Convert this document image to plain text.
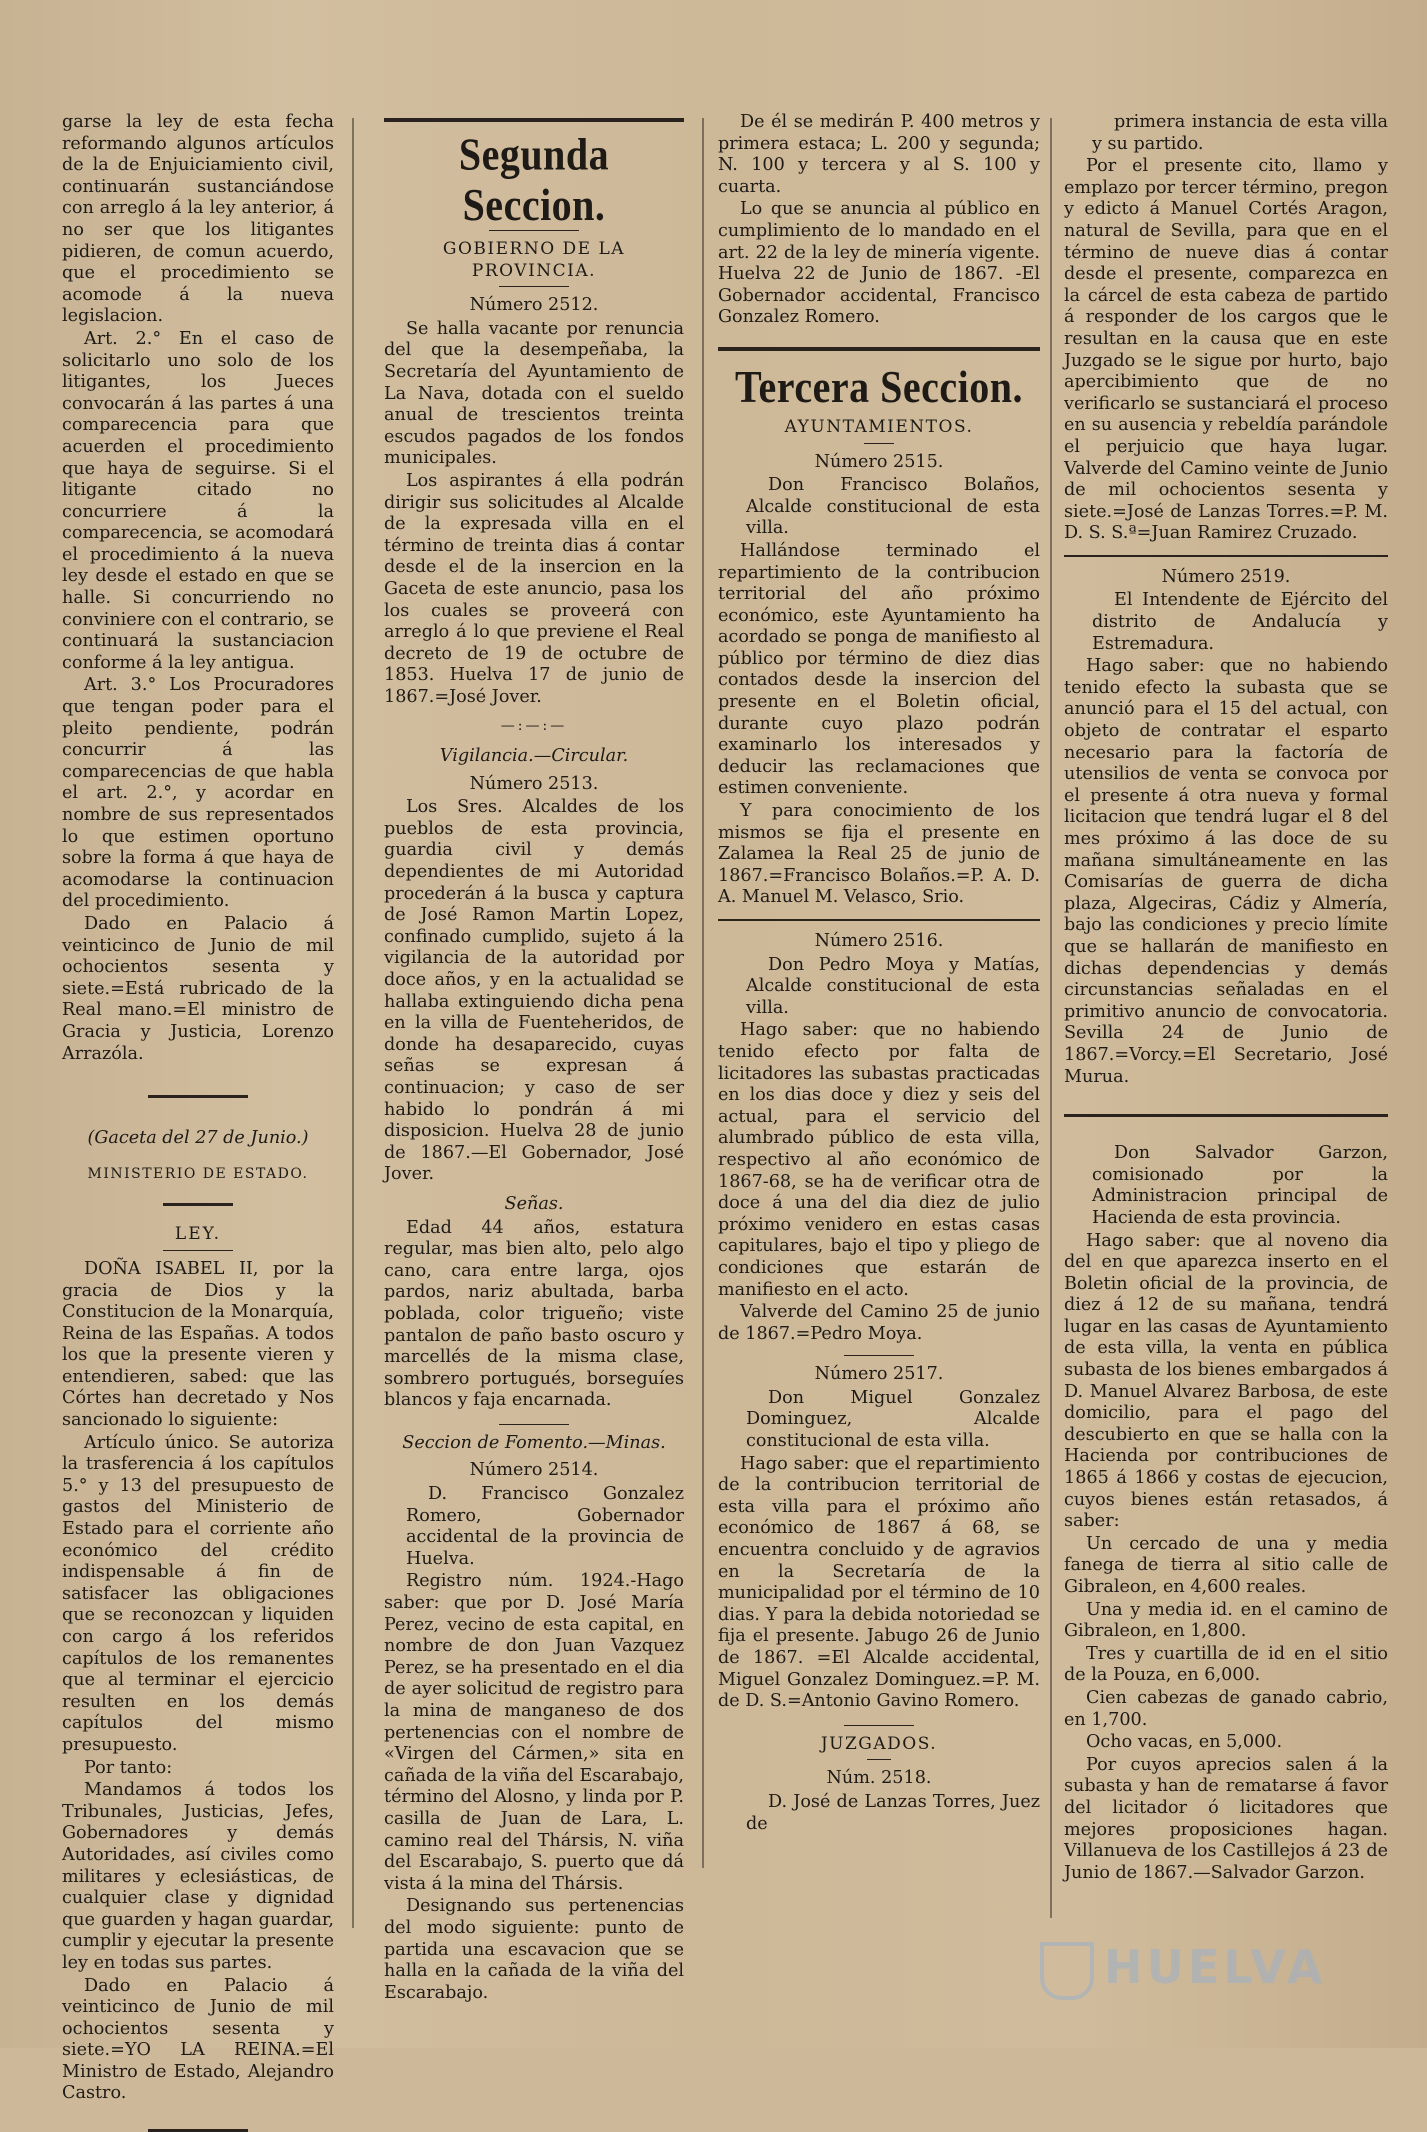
garse la ley de esta fecha reformando algunos artículos de la de Enjuiciamiento civil, continuarán sustanciándose con arreglo á la ley anterior, á no ser que los litigantes pidieren, de comun acuerdo, que el procedimiento se acomode á la nueva legislacion.

Art. 2.° En el caso de solicitarlo uno solo de los litigantes, los Jueces convocarán á las partes á una comparecencia para que acuerden el procedimiento que haya de seguirse. Si el litigante citado no concurriere á la comparecencia, se acomodará el procedimiento á la nueva ley desde el estado en que se halle. Si concurriendo no conviniere con el contrario, se continuará la sustanciacion conforme á la ley antigua.

Art. 3.° Los Procuradores que tengan poder para el pleito pendiente, podrán concurrir á las comparecencias de que habla el art. 2.°, y acordar en nombre de sus representados lo que estimen oportuno sobre la forma á que haya de acomodarse la continuacion del procedimiento.

Dado en Palacio á veinticinco de Junio de mil ochocientos sesenta y siete.=Está rubricado de la Real mano.=El ministro de Gracia y Justicia, Lorenzo Arrazóla.

(Gaceta del 27 de Junio.)
MINISTERIO DE ESTADO.
LEY.

DOÑA ISABEL II, por la gracia de Dios y la Constitucion de la Monarquía, Reina de las Españas. A todos los que la presente vieren y entendieren, sabed: que las Córtes han decretado y Nos sancionado lo siguiente:

Artículo único. Se autoriza la trasferencia á los capítulos 5.° y 13 del presupuesto de gastos del Ministerio de Estado para el corriente año económico del crédito indispensable á fin de satisfacer las obligaciones que se reconozcan y liquiden con cargo á los referidos capítulos de los remanentes que al terminar el ejercicio resulten en los demás capítulos del mismo presupuesto.

Por tanto:

Mandamos á todos los Tribunales, Justicias, Jefes, Gobernadores y demás Autoridades, así civiles como militares y eclesiásticas, de cualquier clase y dignidad que guarden y hagan guardar, cumplir y ejecutar la presente ley en todas sus partes.

Dado en Palacio á veinticinco de Junio de mil ochocientos sesenta y siete.=YO LA REINA.=El Ministro de Estado, Alejandro Castro.

Segunda Seccion.
GOBIERNO DE LA PROVINCIA.
Número 2512.

Se halla vacante por renuncia del que la desempeñaba, la Secretaría del Ayuntamiento de La Nava, dotada con el sueldo anual de trescientos treinta escudos pagados de los fondos municipales.

Los aspirantes á ella podrán dirigir sus solicitudes al Alcalde de la expresada villa en el término de treinta dias á contar desde el de la insercion en la Gaceta de este anuncio, pasa los los cuales se proveerá con arreglo á lo que previene el Real decreto de 19 de octubre de 1853. Huelva 17 de junio de 1867.=José Jover.

—:—:—
Vigilancia.—Circular.
Número 2513.

Los Sres. Alcaldes de los pueblos de esta provincia, guardia civil y demás dependientes de mi Autoridad procederán á la busca y captura de José Ramon Martin Lopez, confinado cumplido, sujeto á la vigilancia de la autoridad por doce años, y en la actualidad se hallaba extinguiendo dicha pena en la villa de Fuenteheridos, de donde ha desaparecido, cuyas señas se expresan á continuacion; y caso de ser habido lo pondrán á mi disposicion. Huelva 28 de junio de 1867.—El Gobernador, José Jover.

Señas.

Edad 44 años, estatura regular, mas bien alto, pelo algo cano, cara entre larga, ojos pardos, nariz abultada, barba poblada, color trigueño; viste pantalon de paño basto oscuro y marcellés de la misma clase, sombrero portugués, borseguíes blancos y faja encarnada.

Seccion de Fomento.—Minas.
Número 2514.

D. Francisco Gonzalez Romero, Gobernador accidental de la provincia de Huelva.

Registro núm. 1924.-Hago saber: que por D. José María Perez, vecino de esta capital, en nombre de don Juan Vazquez Perez, se ha presentado en el dia de ayer solicitud de registro para la mina de manganeso de dos pertenencias con el nombre de «Virgen del Cármen,» sita en cañada de la viña del Escarabajo, término del Alosno, y linda por P. casilla de Juan de Lara, L. camino real del Thársis, N. viña del Escarabajo, S. puerto que dá vista á la mina del Thársis.

Designando sus pertenencias del modo siguiente: punto de partida una escavacion que se halla en la cañada de la viña del Escarabajo.

De él se medirán P. 400 metros y primera estaca; L. 200 y segunda; N. 100 y tercera y al S. 100 y cuarta.

Lo que se anuncia al público en cumplimiento de lo mandado en el art. 22 de la ley de minería vigente. Huelva 22 de Junio de 1867. -El Gobernador accidental, Francisco Gonzalez Romero.

Tercera Seccion.
AYUNTAMIENTOS.
Número 2515.

Don Francisco Bolaños, Alcalde constitucional de esta villa.

Hallándose terminado el repartimiento de la contribucion territorial del año próximo económico, este Ayuntamiento ha acordado se ponga de manifiesto al público por término de diez dias contados desde la insercion del presente en el Boletin oficial, durante cuyo plazo podrán examinarlo los interesados y deducir las reclamaciones que estimen conveniente.

Y para conocimiento de los mismos se fija el presente en Zalamea la Real 25 de junio de 1867.=Francisco Bolaños.=P. A. D. A. Manuel M. Velasco, Srio.

Número 2516.

Don Pedro Moya y Matías, Alcalde constitucional de esta villa.

Hago saber: que no habiendo tenido efecto por falta de licitadores las subastas practicadas en los dias doce y diez y seis del actual, para el servicio del alumbrado público de esta villa, respectivo al año económico de 1867-68, se ha de verificar otra de doce á una del dia diez de julio próximo venidero en estas casas capitulares, bajo el tipo y pliego de condiciones que estarán de manifiesto en el acto.

Valverde del Camino 25 de junio de 1867.=Pedro Moya.

Número 2517.

Don Miguel Gonzalez Dominguez, Alcalde constitucional de esta villa.

Hago saber: que el repartimiento de la contribucion territorial de esta villa para el próximo año económico de 1867 á 68, se encuentra concluido y de agravios en la Secretaría de la municipalidad por el término de 10 dias. Y para la debida notoriedad se fija el presente. Jabugo 26 de Junio de 1867. =El Alcalde accidental, Miguel Gonzalez Dominguez.=P. M. de D. S.=Antonio Gavino Romero.

JUZGADOS.
Núm. 2518.

D. José de Lanzas Torres, Juez de

primera instancia de esta villa y su partido.

Por el presente cito, llamo y emplazo por tercer término, pregon y edicto á Manuel Cortés Aragon, natural de Sevilla, para que en el término de nueve dias á contar desde el presente, comparezca en la cárcel de esta cabeza de partido á responder de los cargos que le resultan en la causa que en este Juzgado se le sigue por hurto, bajo apercibimiento que de no verificarlo se sustanciará el proceso en su ausencia y rebeldía parándole el perjuicio que haya lugar. Valverde del Camino veinte de Junio de mil ochocientos sesenta y siete.=José de Lanzas Torres.=P. M. D. S. S.ª=Juan Ramirez Cruzado.

Número 2519.

El Intendente de Ejército del distrito de Andalucía y Estremadura.

Hago saber: que no habiendo tenido efecto la subasta que se anunció para el 15 del actual, con objeto de contratar el esparto necesario para la factoría de utensilios de venta se convoca por el presente á otra nueva y formal licitacion que tendrá lugar el 8 del mes próximo á las doce de su mañana simultáneamente en las Comisarías de guerra de dicha plaza, Algeciras, Cádiz y Almería, bajo las condiciones y precio límite que se hallarán de manifiesto en dichas dependencias y demás circunstancias señaladas en el primitivo anuncio de convocatoria. Sevilla 24 de Junio de 1867.=Vorcy.=El Secretario, José Murua.

Don Salvador Garzon, comisionado por la Administracion principal de Hacienda de esta provincia.

Hago saber: que al noveno dia del en que aparezca inserto en el Boletin oficial de la provincia, de diez á 12 de su mañana, tendrá lugar en las casas de Ayuntamiento de esta villa, la venta en pública subasta de los bienes embargados á D. Manuel Alvarez Barbosa, de este domicilio, para el pago del descubierto en que se halla con la Hacienda por contribuciones de 1865 á 1866 y costas de ejecucion, cuyos bienes están retasados, á saber:

Un cercado de una y media fanega de tierra al sitio calle de Gibraleon, en 4,600 reales.

Una y media id. en el camino de Gibraleon, en 1,800.

Tres y cuartilla de id en el sitio de la Pouza, en 6,000.

Cien cabezas de ganado cabrio, en 1,700.

Ocho vacas, en 5,000.

Por cuyos aprecios salen á la subasta y han de rematarse á favor del licitador ó licitadores que mejores proposiciones hagan. Villanueva de los Castillejos á 23 de Junio de 1867.—Salvador Garzon.

HUELVA
